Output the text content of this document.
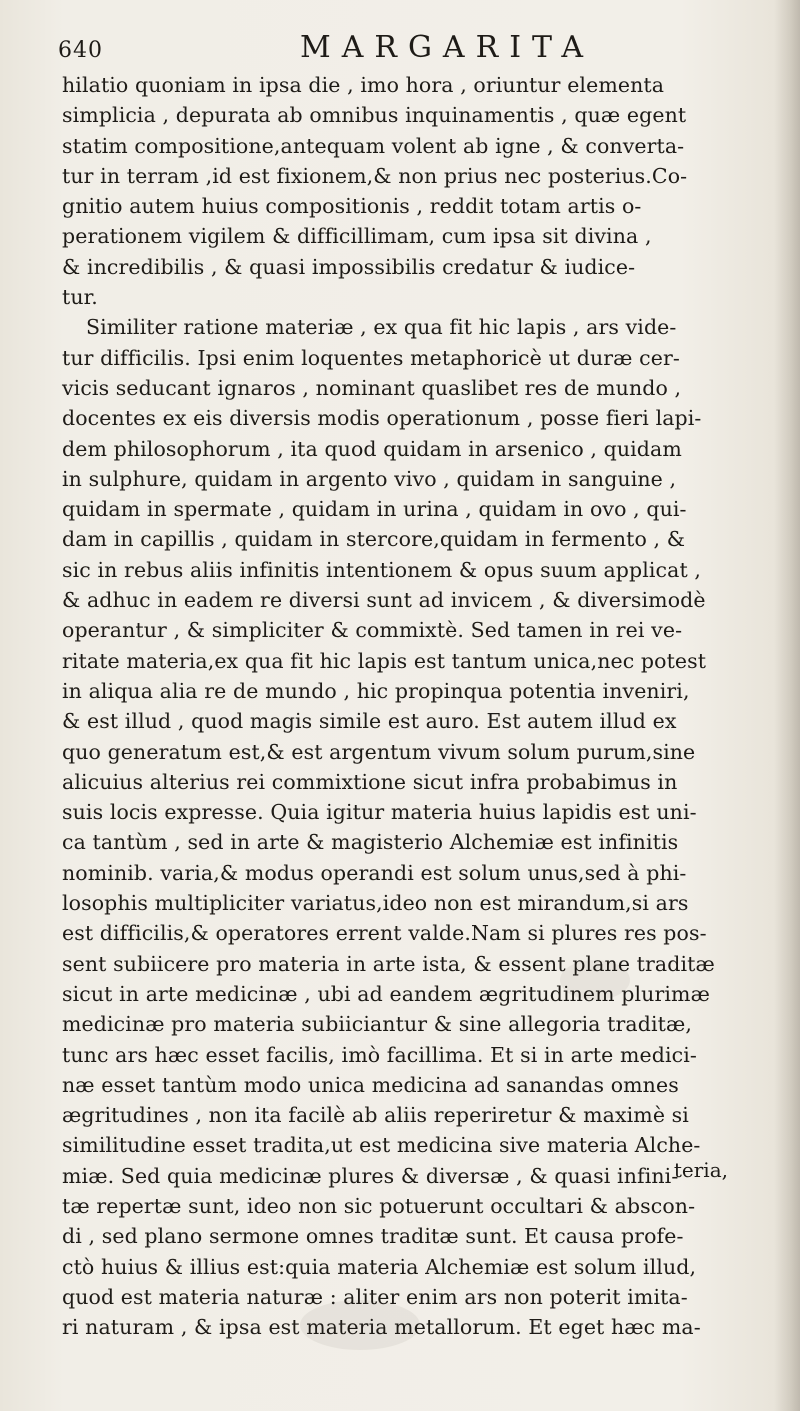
640	MARGARITA
hilatio quoniam in ipsa die , imo hora , oriuntur elementa
simplicia , depurata ab omnibus inquinamentis , quæ egent
statim compositione,antequam volent ab igne , & converta-
tur in terram ,id est fixionem,& non prius nec posterius.Co-
gnitio autem huius compositionis , reddit totam artis o-
perationem vigilem & difficillimam, cum ipsa sit divina ,
& incredibilis , & quasi impossibilis credatur & iudice-
tur.
Similiter ratione materiæ , ex qua fit hic lapis , ars vide-
tur difficilis. Ipsi enim loquentes metaphoricè ut duræ cer-
vicis seducant ignaros , nominant quaslibet res de mundo ,
docentes ex eis diversis modis operationum , posse fieri lapi-
dem philosophorum , ita quod quidam in arsenico , quidam
in sulphure, quidam in argento vivo , quidam in sanguine ,
quidam in spermate , quidam in urina , quidam in ovo , qui-
dam in capillis , quidam in stercore,quidam in fermento , &
sic in rebus aliis infinitis intentionem & opus suum applicat ,
& adhuc in eadem re diversi sunt ad invicem , & diversimodè
operantur , & simpliciter & commixtè. Sed tamen in rei ve-
ritate materia,ex qua fit hic lapis est tantum unica,nec potest
in aliqua alia re de mundo , hic propinqua potentia inveniri,
& est illud , quod magis simile est auro. Est autem illud ex
quo generatum est,& est argentum vivum solum purum,sine
alicuius alterius rei commixtione sicut infra probabimus in
suis locis expresse. Quia igitur materia huius lapidis est uni-
ca tantùm , sed in arte & magisterio Alchemiæ est infinitis
nominib. varia,& modus operandi est solum unus,sed à phi-
losophis multipliciter variatus,ideo non est mirandum,si ars
est difficilis,& operatores errent valde.Nam si plures res pos-
sent subiicere pro materia in arte ista, & essent plane traditæ
sicut in arte medicinæ , ubi ad eandem ægritudinem plurimæ
medicinæ pro materia subiiciantur & sine allegoria traditæ,
tunc ars hæc esset facilis, imò facillima. Et si in arte medici-
næ esset tantùm modo unica medicina ad sanandas omnes
ægritudines , non ita facilè ab aliis reperiretur & maximè si
similitudine esset tradita,ut est medicina sive materia Alche-
miæ. Sed quia medicinæ plures & diversæ , & quasi infini-
tæ repertæ sunt, ideo non sic potuerunt occultari & abscon-
di , sed plano sermone omnes traditæ sunt. Et causa profe-
ctò huius & illius est:quia materia Alchemiæ est solum illud,
quod est materia naturæ : aliter enim ars non poterit imita-
ri naturam , & ipsa est materia metallorum. Et eget hæc ma-
teria,
